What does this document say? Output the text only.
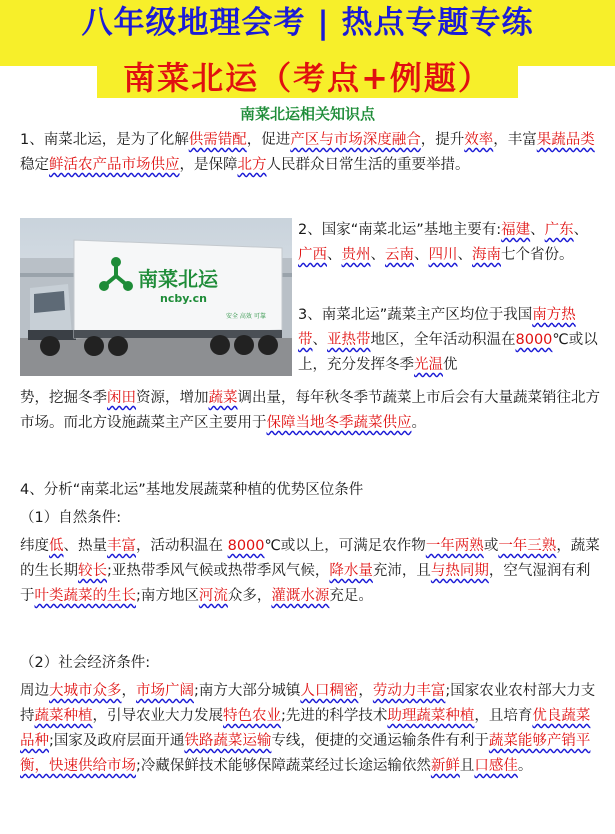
八年级地理会考 | 热点专题专练
南菜北运（考点+例题）
南菜北运相关知识点
1、南菜北运，是为了化解供需错配，促进产区与市场深度融合，提升效率，丰富果蔬品类稳定鲜活农产品市场供应，是保障北方人民群众日常生活的重要举措。
南菜北运
ncby.cn
安全 高效 可靠
2、国家“南菜北运”基地主要有:福建、广东、广西、贵州、云南、四川、海南七个省份。
3、南菜北运”蔬菜主产区均位于我国南方热带、亚热带地区，全年活动积温在8000℃或以上，充分发挥冬季光温优
势，挖掘冬季闲田资源，增加蔬菜调出量，每年秋冬季节蔬菜上市后会有大量蔬菜销往北方市场。而北方设施蔬菜主产区主要用于保障当地冬季蔬菜供应。
4、分析“南菜北运”基地发展蔬菜种植的优势区位条件
（1）自然条件:
纬度低、热量丰富，活动积温在 8000℃或以上，可满足农作物一年两熟或一年三熟，蔬菜的生长期较长;亚热带季风气候或热带季风气候，降水量充沛，且与热同期，空气湿润有利于叶类蔬菜的生长;南方地区河流众多，灌溉水源充足。
（2）社会经济条件:
周边大城市众多，市场广阔;南方大部分城镇人口稠密，劳动力丰富;国家农业农村部大力支持蔬菜种植，引导农业大力发展特色农业;先进的科学技术助理蔬菜种植，且培育优良蔬菜品种;国家及政府层面开通铁路蔬菜运输专线，便捷的交通运输条件有利于蔬菜能够产销平衡，快速供给市场;冷藏保鲜技术能够保障蔬菜经过长途运输依然新鲜且口感佳。
